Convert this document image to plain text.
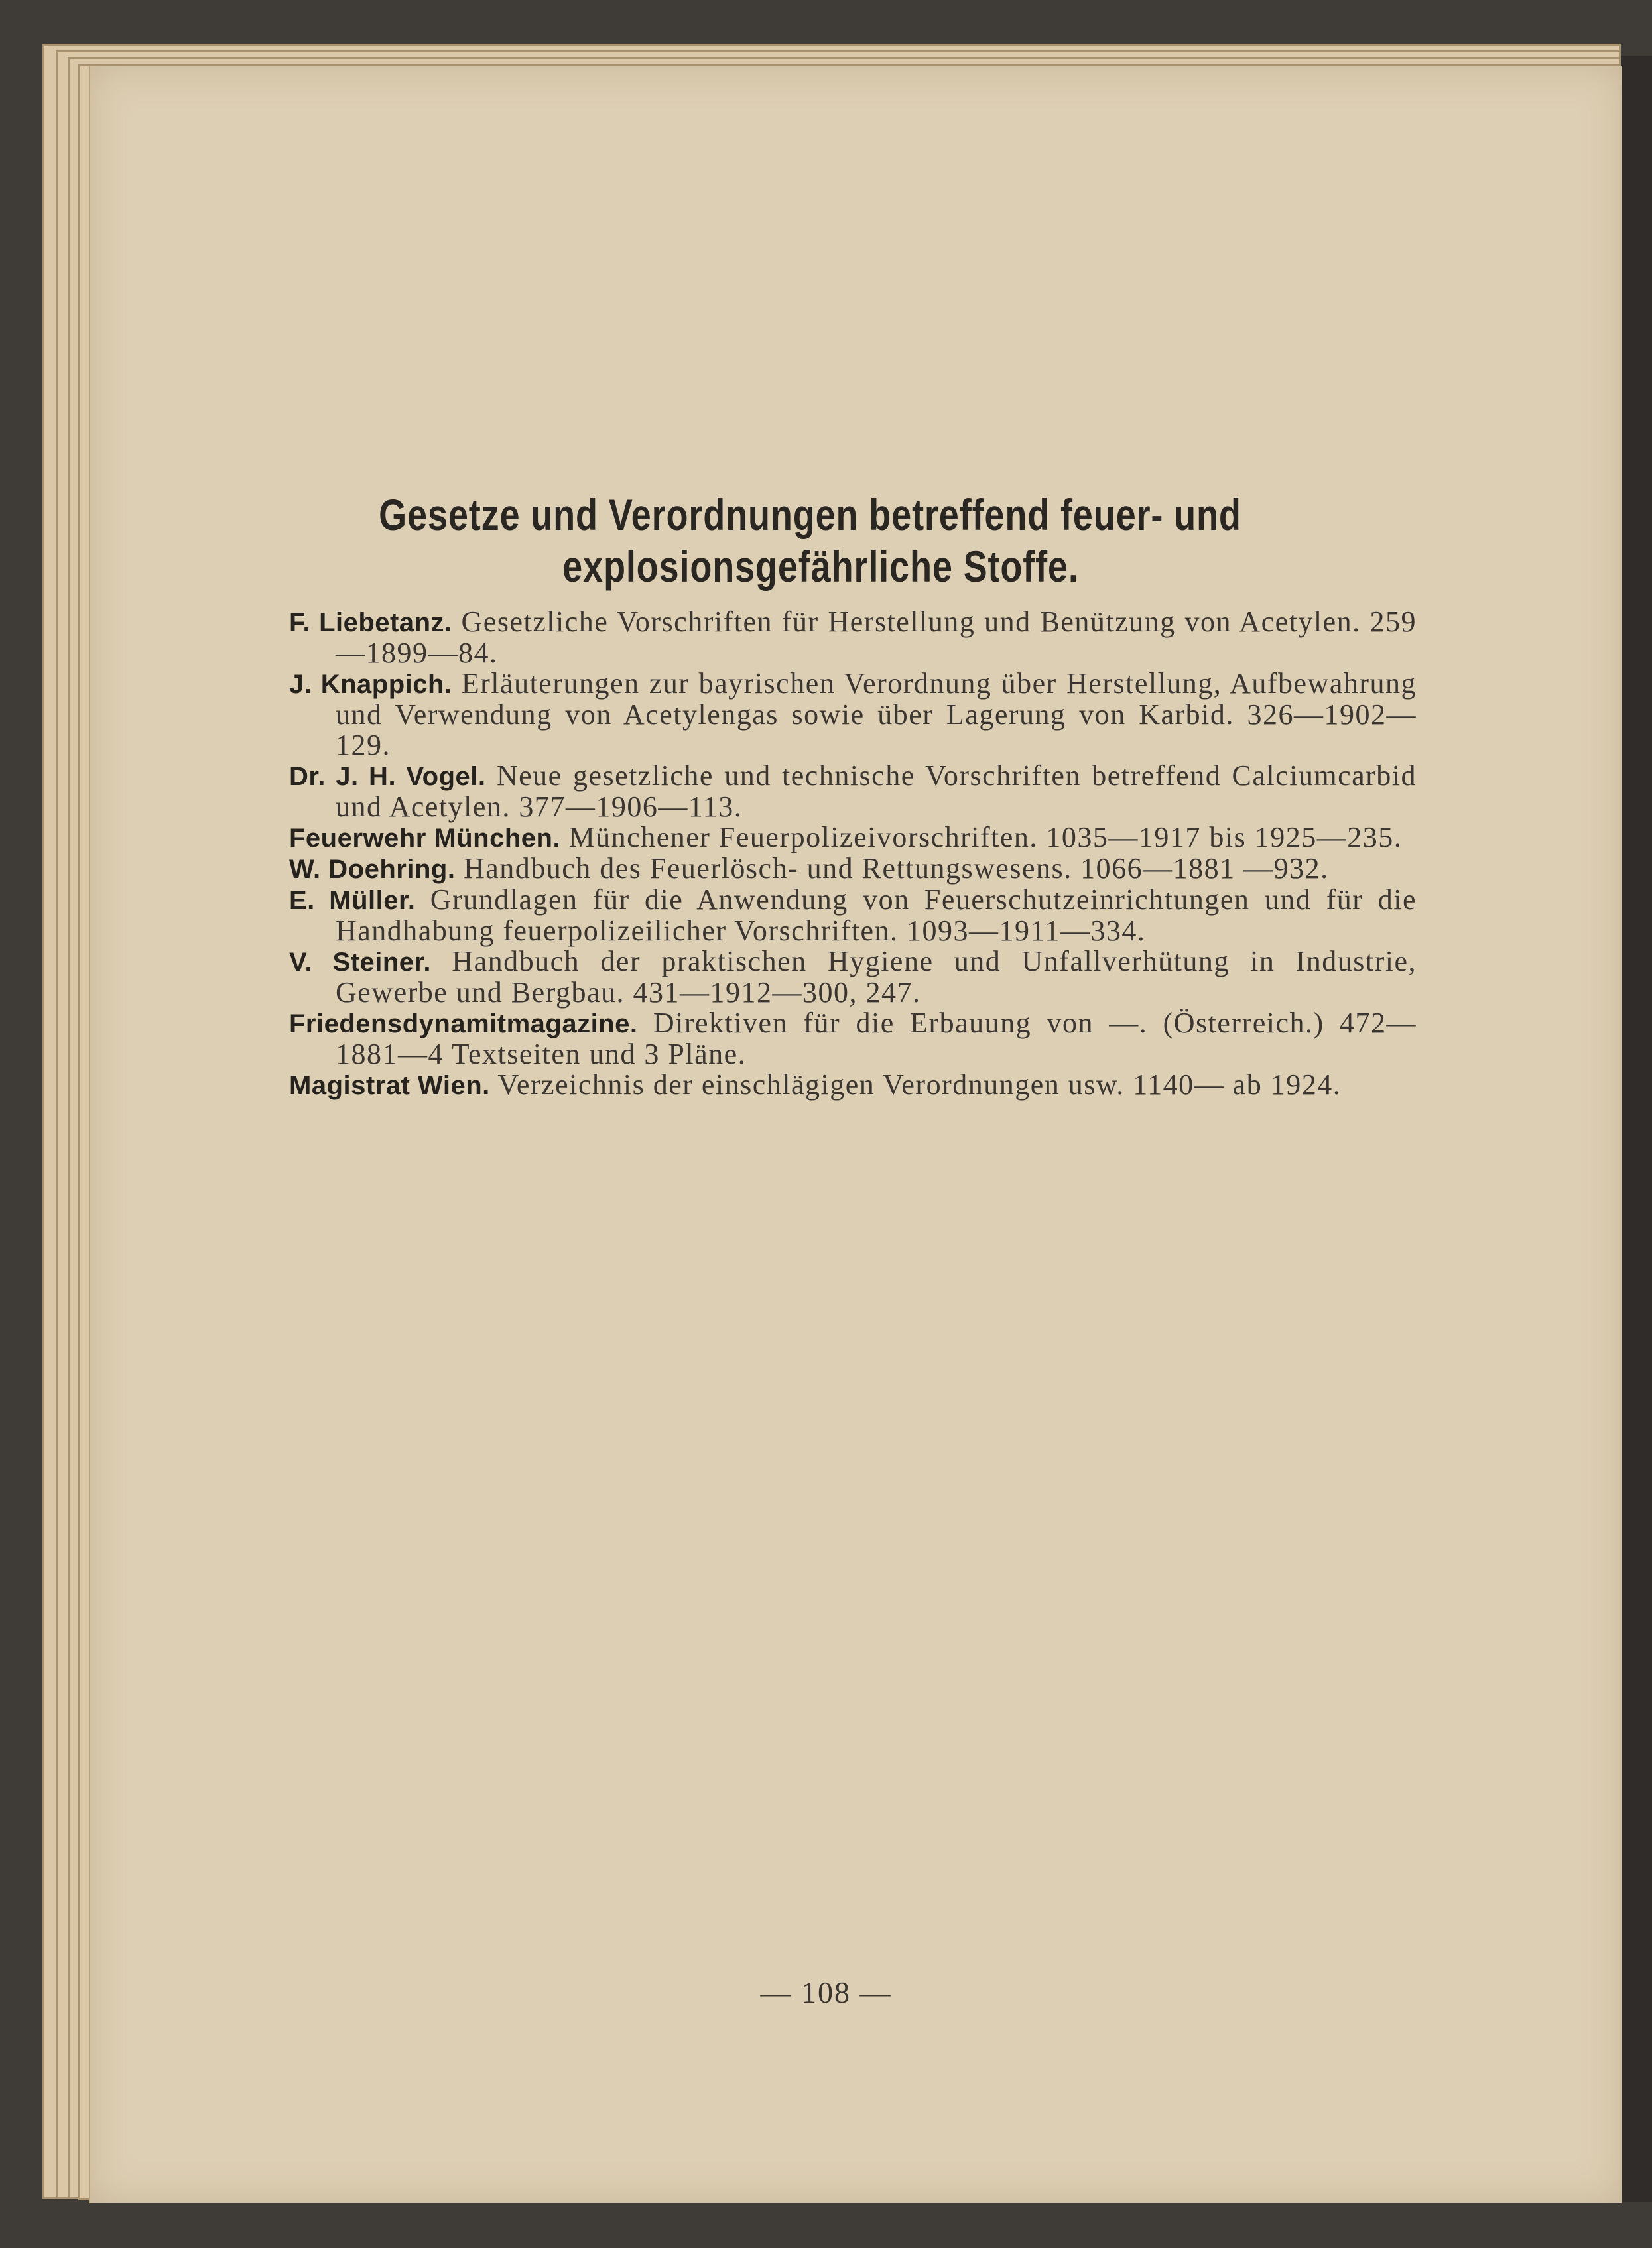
Gesetze und Verordnungen betreffend feuer- und
explosionsgefährliche Stoffe.

F. Liebetanz. Gesetzliche Vorschriften für Herstellung und Benützung von Acetylen. 259—1899—84.

J. Knappich. Erläuterungen zur bayrischen Verordnung über Herstellung, Aufbewahrung und Verwendung von Acetylengas sowie über Lagerung von Karbid. 326—1902—129.

Dr. J. H. Vogel. Neue gesetzliche und technische Vorschriften betreffend Calciumcarbid und Acetylen. 377—1906—113.

Feuerwehr München. Münchener Feuerpolizeivorschriften. 1035—1917 bis 1925—235.

W. Doehring. Handbuch des Feuerlösch- und Rettungswesens. 1066—1881 —932.

E. Müller. Grundlagen für die Anwendung von Feuerschutzeinrichtungen und für die Handhabung feuerpolizeilicher Vorschriften. 1093—1911—334.

V. Steiner. Handbuch der praktischen Hygiene und Unfallverhütung in Industrie, Gewerbe und Bergbau. 431—1912—300, 247.

Friedensdynamitmagazine. Direktiven für die Erbauung von —. (Österreich.) 472—1881—4 Textseiten und 3 Pläne.

Magistrat Wien. Verzeichnis der einschlägigen Verordnungen usw. 1140— ab 1924.

— 108 —
